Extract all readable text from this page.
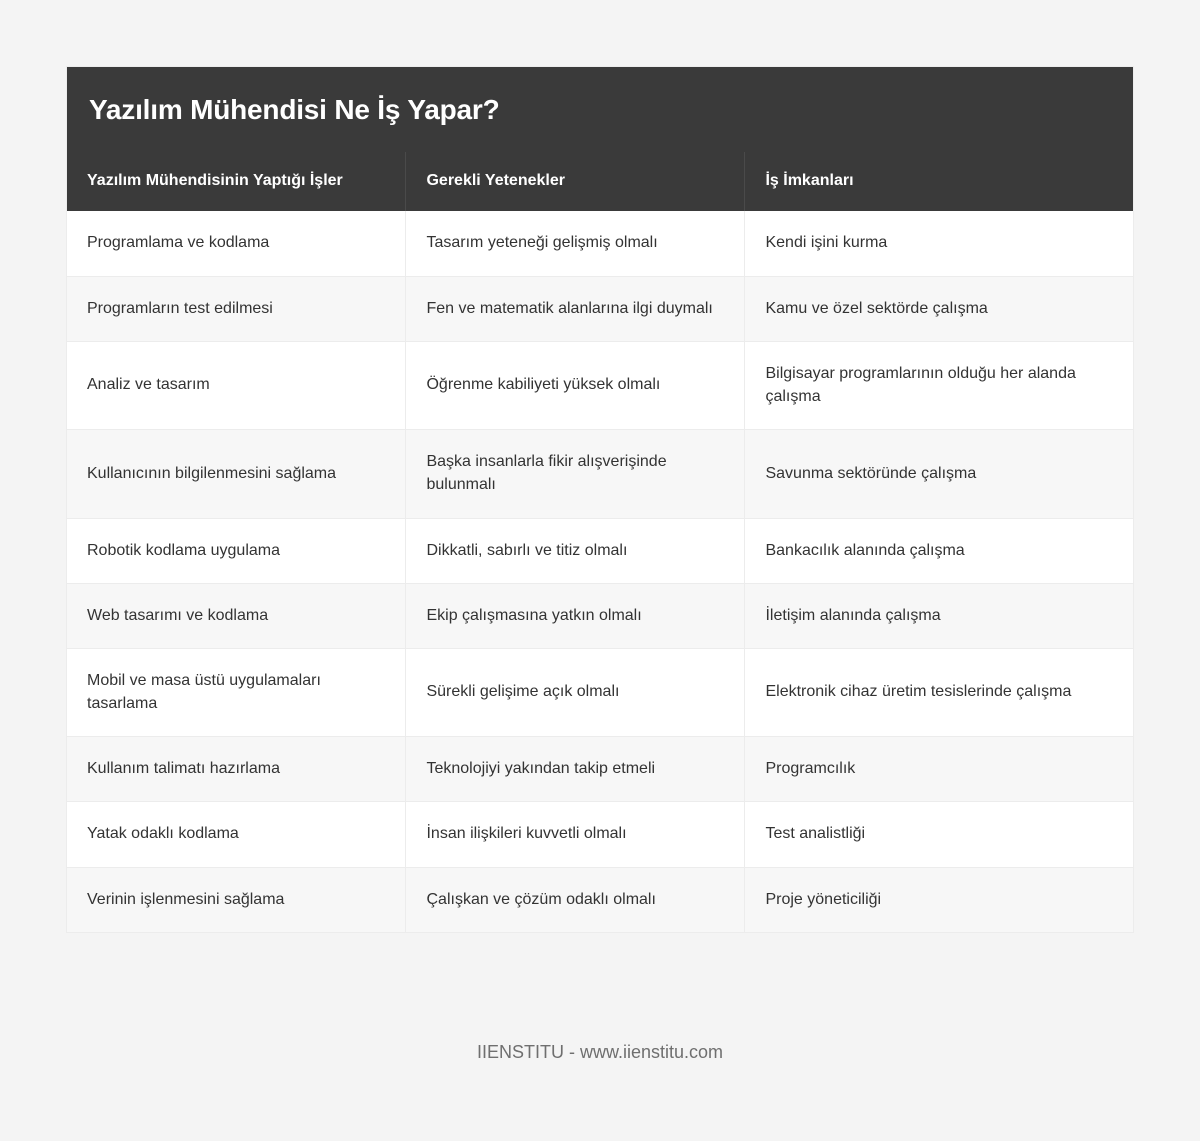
Yazılım Mühendisi Ne İş Yapar?
Yazılım Mühendisinin Yaptığı İşler	Gerekli Yetenekler	İş İmkanları
Programlama ve kodlama	Tasarım yeteneği gelişmiş olmalı	Kendi işini kurma
Programların test edilmesi	Fen ve matematik alanlarına ilgi duymalı	Kamu ve özel sektörde çalışma
Analiz ve tasarım	Öğrenme kabiliyeti yüksek olmalı	Bilgisayar programlarının olduğu her alanda çalışma
Kullanıcının bilgilenmesini sağlama	Başka insanlarla fikir alışverişinde bulunmalı	Savunma sektöründe çalışma
Robotik kodlama uygulama	Dikkatli, sabırlı ve titiz olmalı	Bankacılık alanında çalışma
Web tasarımı ve kodlama	Ekip çalışmasına yatkın olmalı	İletişim alanında çalışma
Mobil ve masa üstü uygulamaları tasarlama	Sürekli gelişime açık olmalı	Elektronik cihaz üretim tesislerinde çalışma
Kullanım talimatı hazırlama	Teknolojiyi yakından takip etmeli	Programcılık
Yatak odaklı kodlama	İnsan ilişkileri kuvvetli olmalı	Test analistliği
Verinin işlenmesini sağlama	Çalışkan ve çözüm odaklı olmalı	Proje yöneticiliği
IIENSTITU - www.iienstitu.com
